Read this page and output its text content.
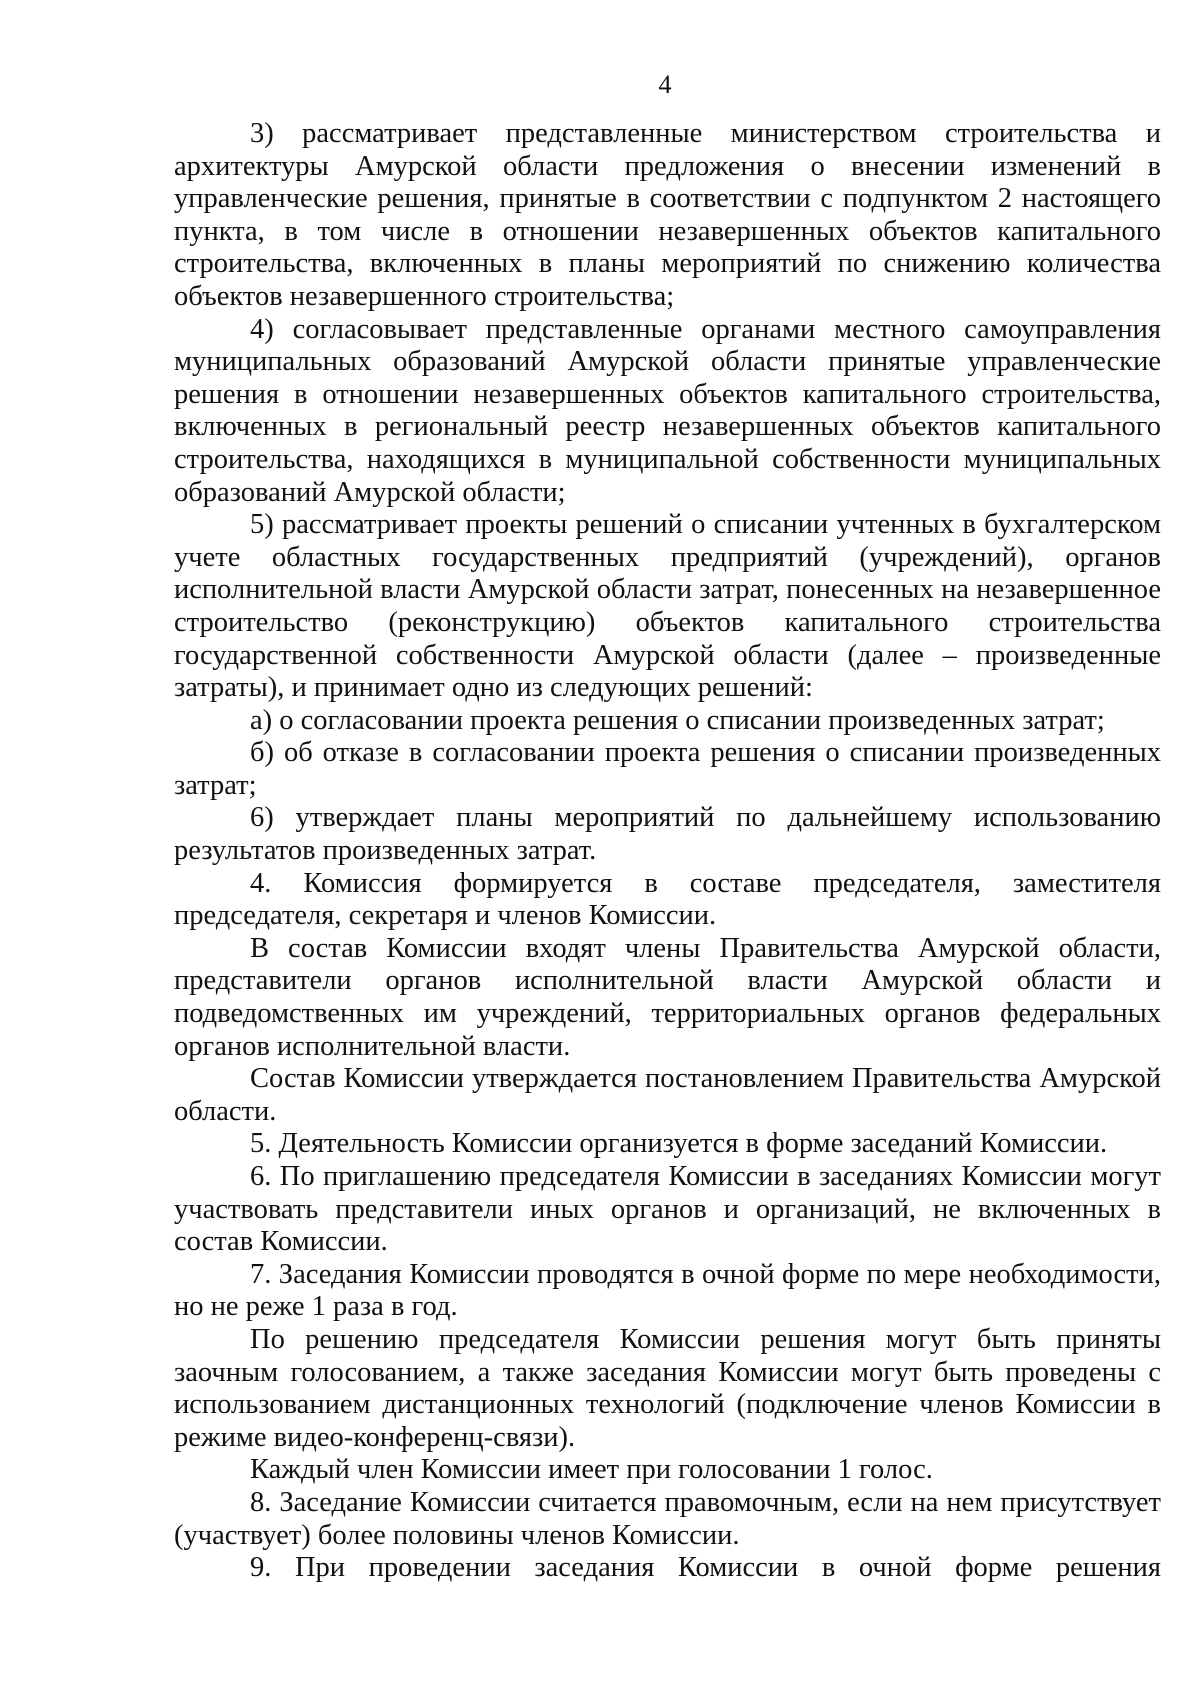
4

3) рассматривает представленные министерством строительства и архитектуры Амурской области предложения о внесении изменений в управленческие решения, принятые в соответствии с подпунктом 2 настоящего пункта, в том числе в отношении незавершенных объектов капитального строительства, включенных в планы мероприятий по снижению количества объектов незавершенного строительства;

4) согласовывает представленные органами местного самоуправления муниципальных образований Амурской области принятые управленческие решения в отношении незавершенных объектов капитального строительства, включенных в региональный реестр незавершенных объектов капитального строительства, находящихся в муниципальной собственности муниципальных образований Амурской области;

5) рассматривает проекты решений о списании учтенных в бухгалтерском учете областных государственных предприятий (учреждений), органов исполнительной власти Амурской области затрат, понесенных на незавершенное строительство (реконструкцию) объектов капитального строительства государственной собственности Амурской области (далее – произведенные затраты), и принимает одно из следующих решений:

а) о согласовании проекта решения о списании произведенных затрат;

б) об отказе в согласовании проекта решения о списании произведенных затрат;

6) утверждает планы мероприятий по дальнейшему использованию результатов произведенных затрат.

4. Комиссия формируется в составе председателя, заместителя председателя, секретаря и членов Комиссии.

В состав Комиссии входят члены Правительства Амурской области, представители органов исполнительной власти Амурской области и подведомственных им учреждений, территориальных органов федеральных органов исполнительной власти.

Состав Комиссии утверждается постановлением Правительства Амурской области.

5. Деятельность Комиссии организуется в форме заседаний Комиссии.

6. По приглашению председателя Комиссии в заседаниях Комиссии могут участвовать представители иных органов и организаций, не включенных в состав Комиссии.

7. Заседания Комиссии проводятся в очной форме по мере необходимости, но не реже 1 раза в год.

По решению председателя Комиссии решения могут быть приняты заочным голосованием, а также заседания Комиссии могут быть проведены с использованием дистанционных технологий (подключение членов Комиссии в режиме видео-конференц-связи).

Каждый член Комиссии имеет при голосовании 1 голос.

8. Заседание Комиссии считается правомочным, если на нем присутствует (участвует) более половины членов Комиссии.

9. При проведении заседания Комиссии в очной форме решения
